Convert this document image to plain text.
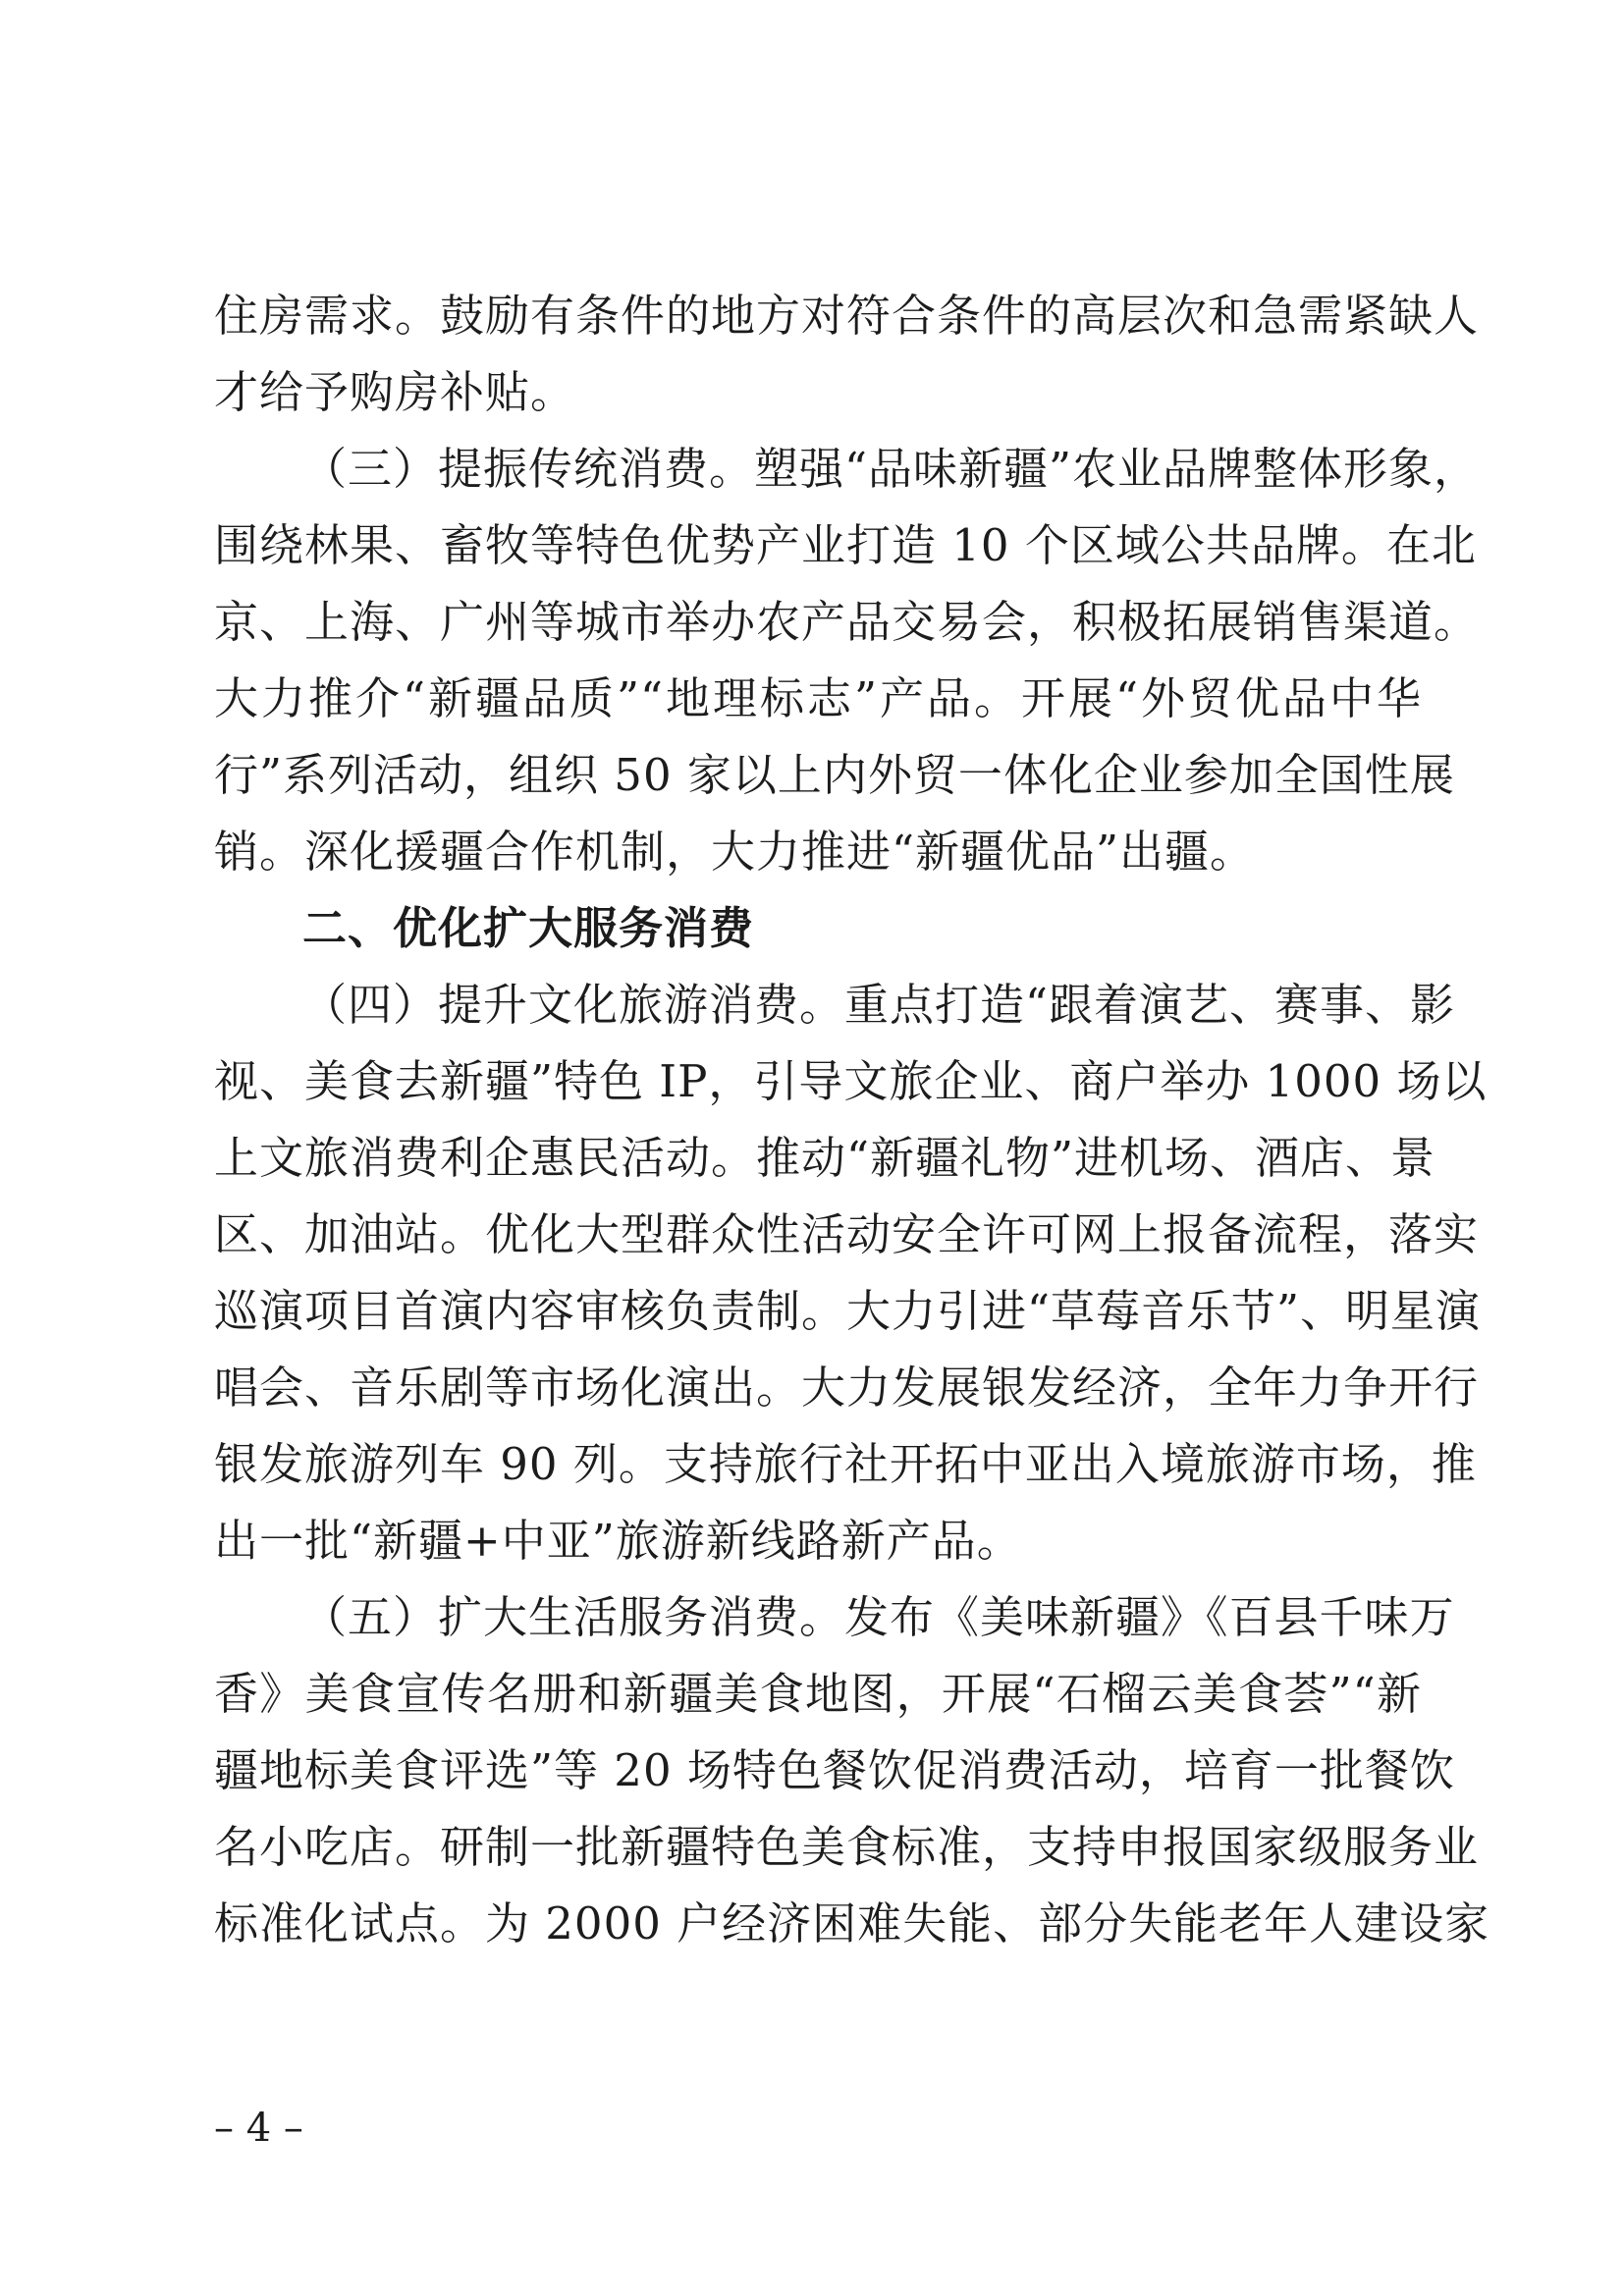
住房需求。鼓励有条件的地方对符合条件的高层次和急需紧缺人
才给予购房补贴。
（三）提振传统消费。塑强“品味新疆”农业品牌整体形象，
围绕林果、畜牧等特色优势产业打造 10 个区域公共品牌。在北
京、上海、广州等城市举办农产品交易会，积极拓展销售渠道。
大力推介“新疆品质”“地理标志”产品。开展“外贸优品中华
行”系列活动，组织 50 家以上内外贸一体化企业参加全国性展
销。深化援疆合作机制，大力推进“新疆优品”出疆。
二、优化扩大服务消费
（四）提升文化旅游消费。重点打造“跟着演艺、赛事、影
视、美食去新疆”特色 IP，引导文旅企业、商户举办 1000 场以
上文旅消费利企惠民活动。推动“新疆礼物”进机场、酒店、景
区、加油站。优化大型群众性活动安全许可网上报备流程，落实
巡演项目首演内容审核负责制。大力引进“草莓音乐节”、明星演
唱会、音乐剧等市场化演出。大力发展银发经济，全年力争开行
银发旅游列车 90 列。支持旅行社开拓中亚出入境旅游市场，推
出一批“新疆+中亚”旅游新线路新产品。
（五）扩大生活服务消费。发布《美味新疆》《百县千味万
香》美食宣传名册和新疆美食地图，开展“石榴云美食荟”“新
疆地标美食评选”等 20 场特色餐饮促消费活动，培育一批餐饮
名小吃店。研制一批新疆特色美食标准，支持申报国家级服务业
标准化试点。为 2000 户经济困难失能、部分失能老年人建设家
– 4 –
